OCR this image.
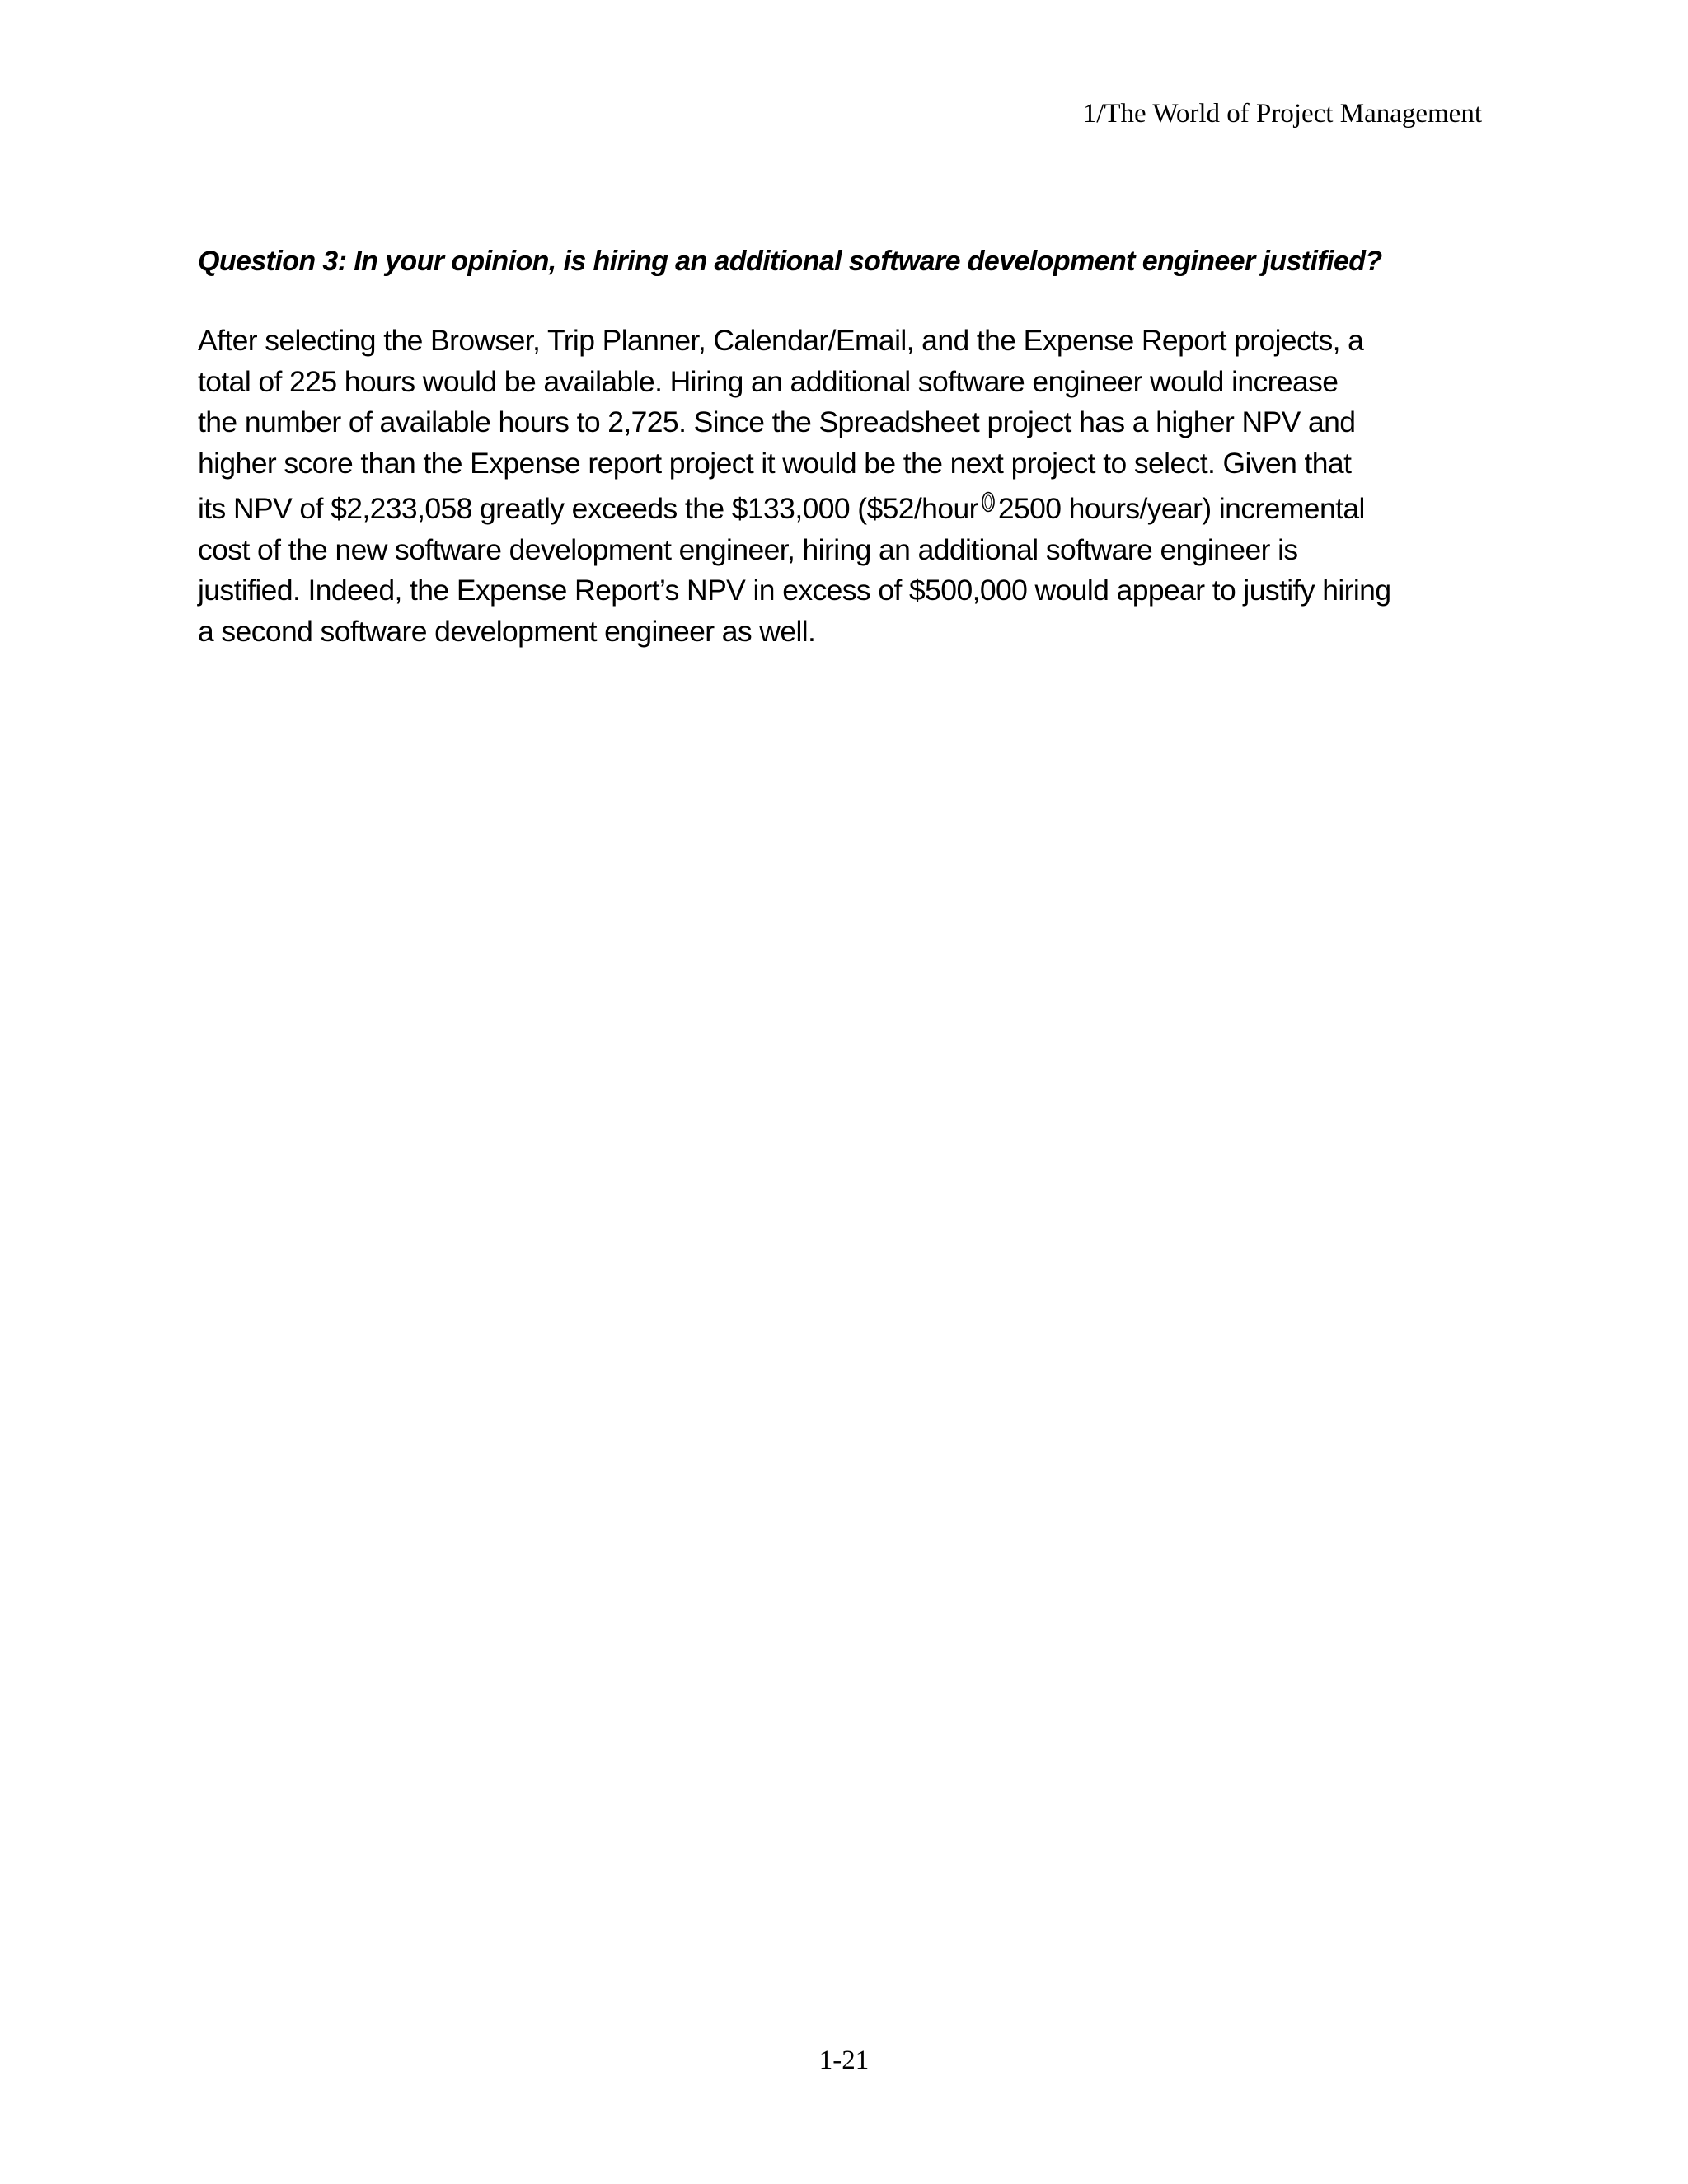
1/The World of Project Management

Question 3: In your opinion, is hiring an additional software development engineer justified?

After selecting the Browser, Trip Planner, Calendar/Email, and the Expense Report projects, a
total of 225 hours would be available. Hiring an additional software engineer would increase
the number of available hours to 2,725. Since the Spreadsheet project has a higher NPV and
higher score than the Expense report project it would be the next project to select. Given that
its NPV of $2,233,058 greatly exceeds the $133,000 ($52/hour 2500 hours/year) incremental
cost of the new software development engineer, hiring an additional software engineer is
justified. Indeed, the Expense Report’s NPV in excess of $500,000 would appear to justify hiring
a second software development engineer as well.
1-21
